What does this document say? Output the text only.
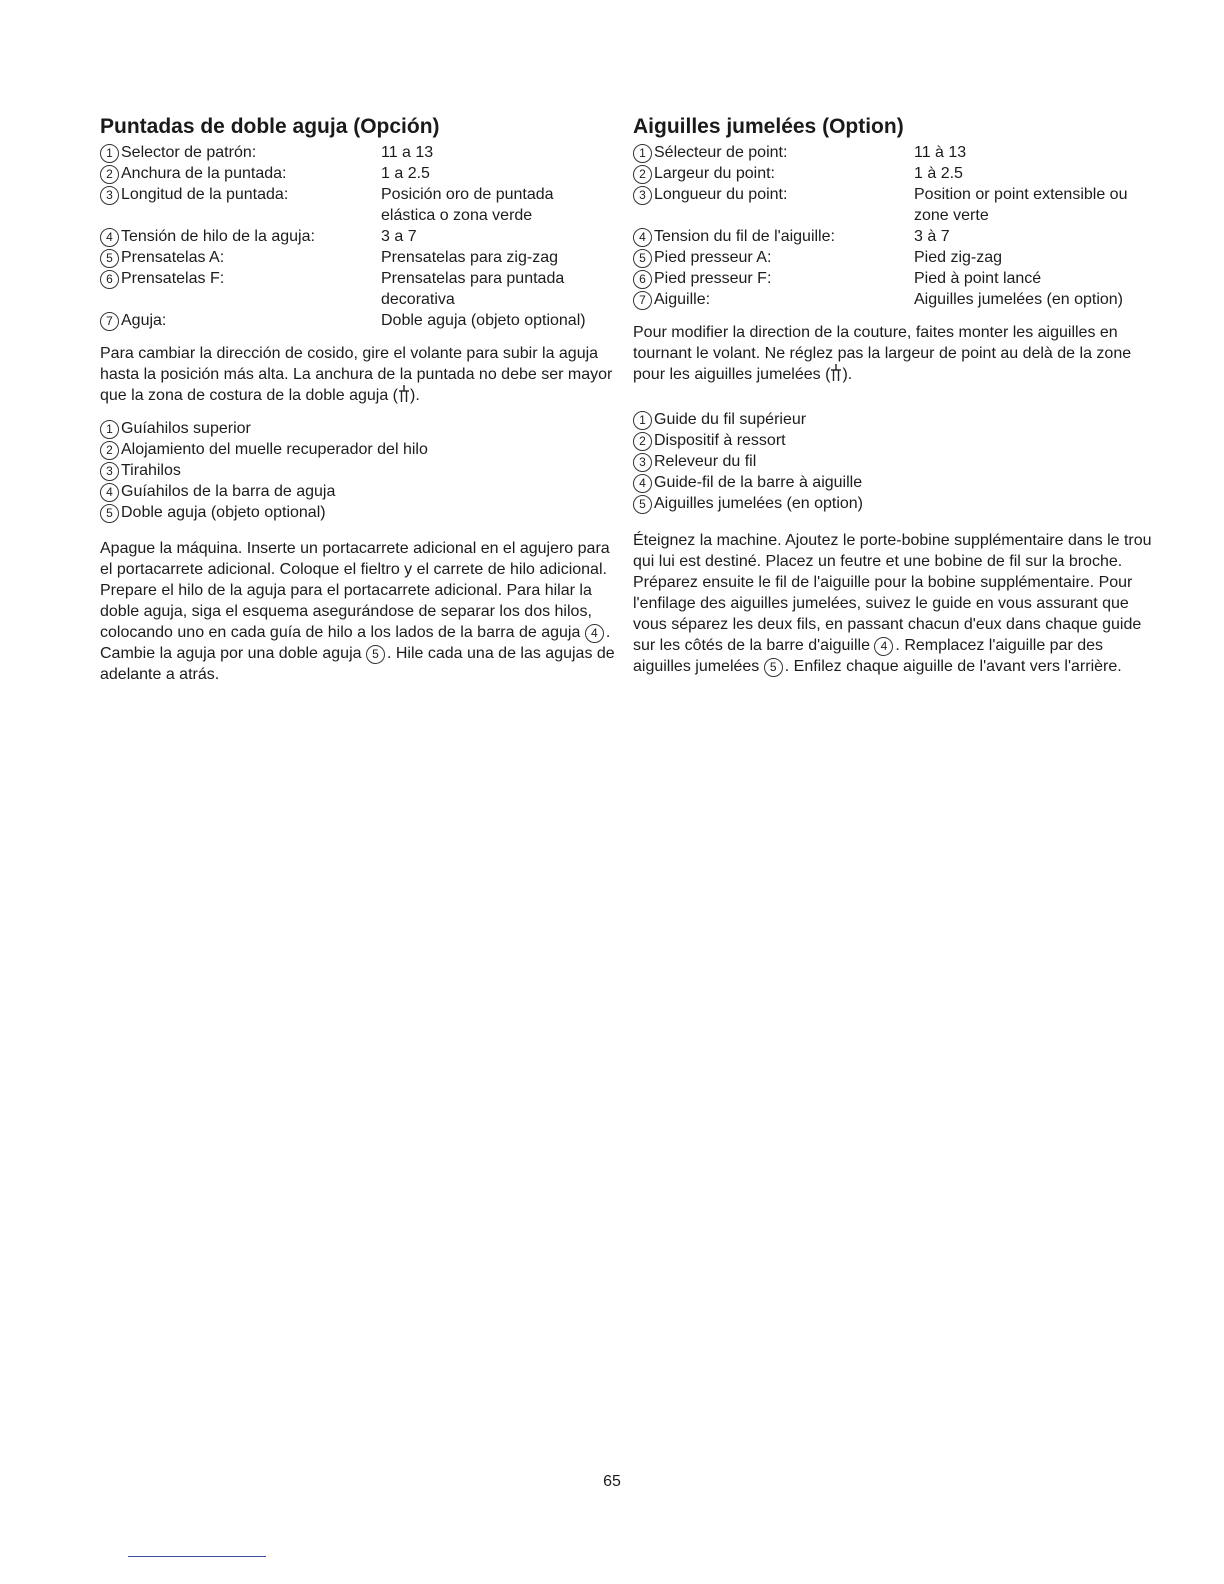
Puntadas de doble aguja (Opción)
1 Selector de patrón:	11 a 13
2 Anchura de la puntada:	1 a 2.5
3 Longitud de la puntada:	Posición oro de puntada elástica o zona verde
4 Tensión de hilo de la aguja:	3 a 7
5 Prensatelas A:	Prensatelas para zig-zag
6 Prensatelas F:	Prensatelas para puntada decorativa
7 Aguja:	Doble aguja (objeto optional)

Para cambiar la dirección de cosido, gire el volante para subir la aguja hasta la posición más alta. La anchura de la puntada no debe ser mayor que la zona de costura de la doble aguja ( ).

1 Guíahilos superior
2 Alojamiento del muelle recuperador del hilo
3 Tirahilos
4 Guíahilos de la barra de aguja
5 Doble aguja (objeto optional)

Apague la máquina. Inserte un portacarrete adicional en el agujero para el portacarrete adicional. Coloque el fieltro y el carrete de hilo adicional. Prepare el hilo de la aguja para el portacarrete adicional. Para hilar la doble aguja, siga el esquema asegurándose de separar los dos hilos, colocando uno en cada guía de hilo a los lados de la barra de aguja 4 . Cambie la aguja por una doble aguja 5 . Hile cada una de las agujas de adelante a atrás.

Aiguilles jumelées (Option)
1 Sélecteur de point:	11 à 13
2 Largeur du point:	1 à 2.5
3 Longueur du point:	Position or point extensible ou zone verte
4 Tension du fil de l'aiguille:	3 à 7
5 Pied presseur A:	Pied zig-zag
6 Pied presseur F:	Pied à point lancé
7 Aiguille:	Aiguilles jumelées (en option)

Pour modifier la direction de la couture, faites monter les aiguilles en tournant le volant. Ne réglez pas la largeur de point au delà de la zone pour les aiguilles jumelées ( ).

1 Guide du fil supérieur
2 Dispositif à ressort
3 Releveur du fil
4 Guide-fil de la barre à aiguille
5 Aiguilles jumelées (en option)

Éteignez la machine. Ajoutez le porte-bobine supplémentaire dans le trou qui lui est destiné. Placez un feutre et une bobine de fil sur la broche. Préparez ensuite le fil de l'aiguille pour la bobine supplémentaire. Pour l'enfilage des aiguilles jumelées, suivez le guide en vous assurant que vous séparez les deux fils, en passant chacun d'eux dans chaque guide sur les côtés de la barre d'aiguille 4 . Remplacez l'aiguille par des aiguilles jumelées 5 . Enfilez chaque aiguille de l'avant vers l'arrière.

65
